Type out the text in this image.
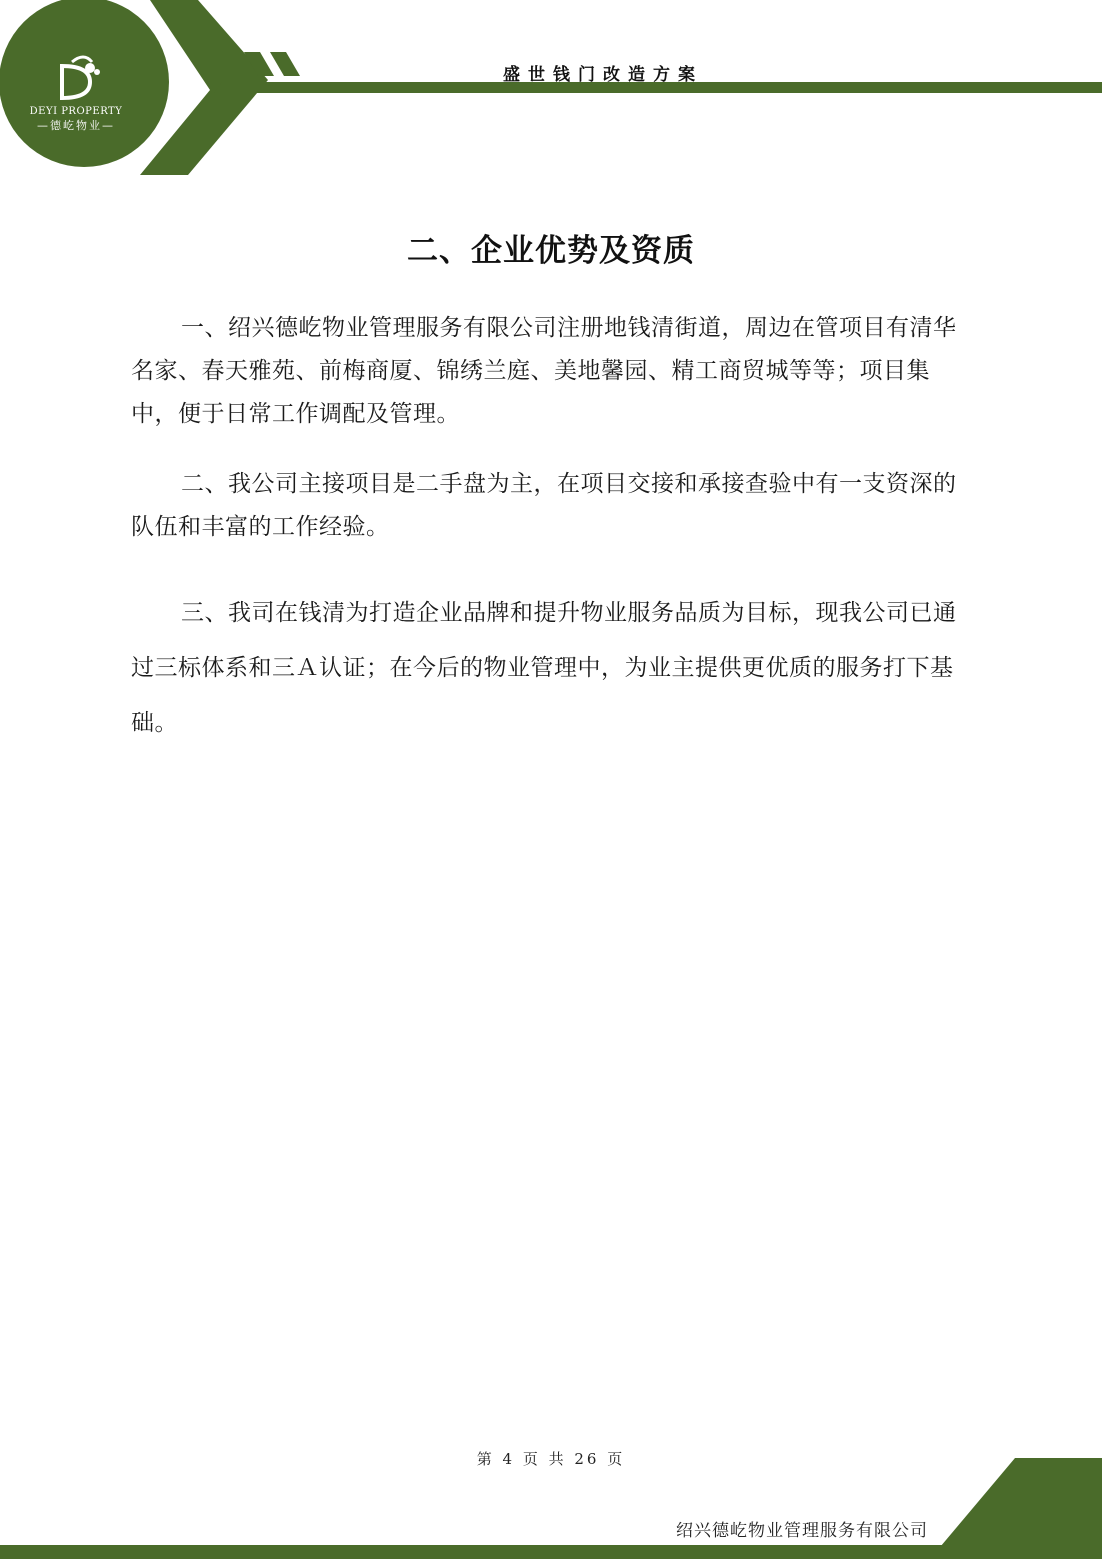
DEYI PROPERTY
—德屹物业—
盛世钱门改造方案
二、企业优势及资质

一、绍兴德屹物业管理服务有限公司注册地钱清街道，周边在管项目有清华名家、春天雅苑、前梅商厦、锦绣兰庭、美地馨园、精工商贸城等等；项目集中，便于日常工作调配及管理。

二、我公司主接项目是二手盘为主，在项目交接和承接查验中有一支资深的队伍和丰富的工作经验。

三、我司在钱清为打造企业品牌和提升物业服务品质为目标，现我公司已通过三标体系和三Ａ认证；在今后的物业管理中，为业主提供更优质的服务打下基础。

第 4 页 共 26 页
绍兴德屹物业管理服务有限公司
